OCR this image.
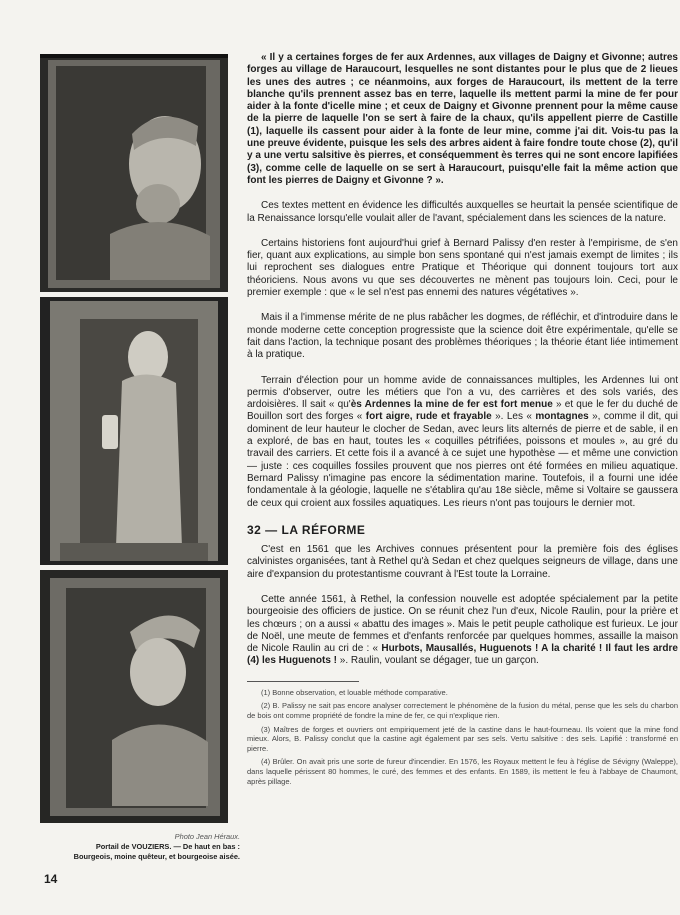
Photo Jean Héraux.
Portail de VOUZIERS. — De haut en bas :
Bourgeois, moine quêteur, et bourgeoise aisée.
14

« Il y a certaines forges de fer aux Ardennes, aux villages de Daigny et Givonne; autres forges au village de Haraucourt, lesquelles ne sont distantes pour le plus que de 2 lieues les unes des autres ; ce néanmoins, aux forges de Haraucourt, ils mettent de la terre blanche qu'ils prennent assez bas en terre, laquelle ils mettent parmi la mine de fer pour aider à la fonte d'icelle mine ; et ceux de Daigny et Givonne prennent pour la même cause de la pierre de laquelle l'on se sert à faire de la chaux, qu'ils appellent pierre de Castille (1), laquelle ils cassent pour aider à la fonte de leur mine, comme j'ai dit. Vois-tu pas la une preuve évidente, puisque les sels des arbres aident à faire fondre toute chose (2), qu'il y a une vertu salsitive ès pierres, et conséquemment ès terres qui ne sont encore lapifiées (3), comme celle de laquelle on se sert à Haraucourt, puisqu'elle fait la même action que font les pierres de Daigny et Givonne ? ».

Ces textes mettent en évidence les difficultés auxquelles se heurtait la pensée scientifique de la Renaissance lorsqu'elle voulait aller de l'avant, spécialement dans les sciences de la nature.

Certains historiens font aujourd'hui grief à Bernard Palissy d'en rester à l'empirisme, de s'en fier, quant aux explications, au simple bon sens spontané qui n'est jamais exempt de limites ; ils lui reprochent ses dialogues entre Pratique et Théorique qui donnent toujours tort aux théoriciens. Nous avons vu que ses découvertes ne mènent pas toujours loin. Ceci, pour le premier exemple : que « le sel n'est pas ennemi des natures végétatives ».

Mais il a l'immense mérite de ne plus rabâcher les dogmes, de réfléchir, et d'introduire dans le monde moderne cette conception progressiste que la science doit être expérimentale, qu'elle se fait dans l'action, la technique posant des problèmes théoriques ; la théorie étant liée intimement à la pratique.

Terrain d'élection pour un homme avide de connaissances multiples, les Ardennes lui ont permis d'observer, outre les métiers que l'on a vu, des carrières et des sols variés, des ardoisières. Il sait « qu'ès Ardennes la mine de fer est fort menue » et que le fer du duché de Bouillon sort des forges « fort aigre, rude et frayable ». Les « montagnes », comme il dit, qui dominent de leur hauteur le clocher de Sedan, avec leurs lits alternés de pierre et de sable, il en a exploré, de bas en haut, toutes les « coquilles pétrifiées, poissons et moules », au gré du travail des carriers. Et cette fois il a avancé à ce sujet une hypothèse — et même une conviction — juste : ces coquilles fossiles prouvent que nos pierres ont été formées en milieu aquatique. Bernard Palissy n'imagine pas encore la sédimentation marine. Toutefois, il a fourni une idée fondamentale à la géologie, laquelle ne s'établira qu'au 18e siècle, même si Voltaire se gaussera de ceux qui croient aux fossiles aquatiques. Les rieurs n'ont pas toujours le dernier mot.

32 — LA RÉFORME

C'est en 1561 que les Archives connues présentent pour la première fois des églises calvinistes organisées, tant à Rethel qu'à Sedan et chez quelques seigneurs de village, dans une aire d'expansion du protestantisme couvrant à l'Est toute la Lorraine.

Cette année 1561, à Rethel, la confession nouvelle est adoptée spécialement par la petite bourgeoisie des officiers de justice. On se réunit chez l'un d'eux, Nicole Raulin, pour la prière et les chœurs ; on a aussi « abattu des images ». Mais le petit peuple catholique est furieux. Le jour de Noël, une meute de femmes et d'enfants renforcée par quelques hommes, assaille la maison de Nicole Raulin au cri de : « Hurbots, Mausallés, Huguenots ! A la charité ! Il faut les ardre (4) les Huguenots ! ». Raulin, voulant se dégager, tue un garçon.

(1) Bonne observation, et louable méthode comparative.
(2) B. Palissy ne sait pas encore analyser correctement le phénomène de la fusion du métal, pense que les sels du charbon de bois ont comme propriété de fondre la mine de fer, ce qui n'explique rien.
(3) Maîtres de forges et ouvriers ont empiriquement jeté de la castine dans le haut-fourneau. Ils voient que la mine fond mieux. Alors, B. Palissy conclut que la castine agit également par ses sels. Vertu salsitive : des sels. Lapifié : transformé en pierre.
(4) Brûler. On avait pris une sorte de fureur d'incendier. En 1576, les Royaux mettent le feu à l'église de Sévigny (Waleppe), dans laquelle périssent 80 hommes, le curé, des femmes et des enfants. En 1589, ils mettent le feu à l'abbaye de Chaumont, après pillage.
